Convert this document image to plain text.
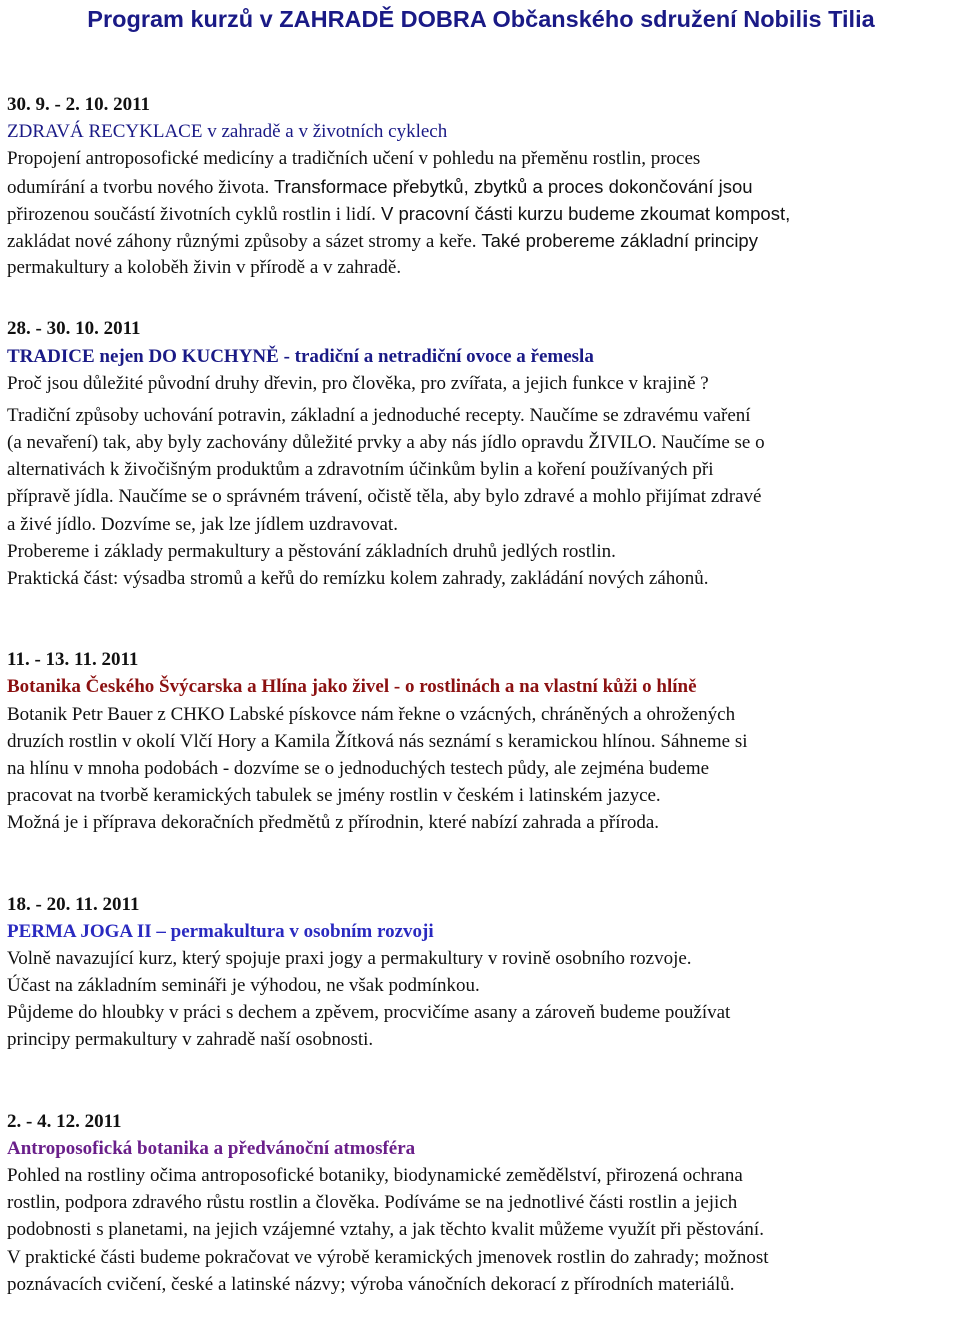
Program kurzů v ZAHRADĚ DOBRA Občanského sdružení Nobilis Tilia
30. 9. - 2. 10. 2011
ZDRAVÁ RECYKLACE v zahradě a v životních cyklech
Propojení antroposofické medicíny a tradičních učení v pohledu na přeměnu rostlin, proces
odumírání a tvorbu nového života. Transformace přebytků, zbytků a proces dokončování jsou
přirozenou součástí životních cyklů rostlin i lidí. V pracovní části kurzu budeme zkoumat kompost,
zakládat nové záhony různými způsoby a sázet stromy a keře. Také probereme základní principy
permakultury a koloběh živin v přírodě a v zahradě.
28. - 30. 10. 2011
TRADICE nejen DO KUCHYNĚ - tradiční a netradiční ovoce a řemesla
Proč jsou důležité původní druhy dřevin, pro člověka, pro zvířata, a jejich funkce v krajině ?
Tradiční způsoby uchování potravin, základní a jednoduché recepty. Naučíme se zdravému vaření
(a nevaření) tak, aby byly zachovány důležité prvky a aby nás jídlo opravdu ŽIVILO. Naučíme se o
alternativách k živočišným produktům a zdravotním účinkům bylin a koření používaných při
přípravě jídla. Naučíme se o správném trávení, očistě těla, aby bylo zdravé a mohlo přijímat zdravé
a živé jídlo. Dozvíme se, jak lze jídlem uzdravovat.
Probereme i základy permakultury a pěstování základních druhů jedlých rostlin.
Praktická část: výsadba stromů a keřů do remízku kolem zahrady, zakládání nových záhonů.
11. - 13. 11. 2011
Botanika Českého Švýcarska a Hlína jako živel - o rostlinách a na vlastní kůži o hlíně
Botanik Petr Bauer z CHKO Labské pískovce nám řekne o vzácných, chráněných a ohrožených
druzích rostlin v okolí Vlčí Hory a Kamila Žítková nás seznámí s keramickou hlínou. Sáhneme si
na hlínu v mnoha podobách - dozvíme se o jednoduchých testech půdy, ale zejména budeme
pracovat na tvorbě keramických tabulek se jmény rostlin v českém i latinském jazyce.
Možná je i příprava dekoračních předmětů z přírodnin, které nabízí zahrada a příroda.
18. - 20. 11. 2011
PERMA JOGA II – permakultura v osobním rozvoji
Volně navazující kurz, který spojuje praxi jogy a permakultury v rovině osobního rozvoje.
Účast na základním semináři je výhodou, ne však podmínkou.
Půjdeme do hloubky v práci s dechem a zpěvem, procvičíme asany a zároveň budeme používat
principy permakultury v zahradě naší osobnosti.
2. - 4. 12. 2011
Antroposofická botanika a předvánoční atmosféra
Pohled na rostliny očima antroposofické botaniky, biodynamické zemědělství, přirozená ochrana
rostlin, podpora zdravého růstu rostlin a člověka. Podíváme se na jednotlivé části rostlin a jejich
podobnosti s planetami, na jejich vzájemné vztahy, a jak těchto kvalit můžeme využít při pěstování.
V praktické části budeme pokračovat ve výrobě keramických jmenovek rostlin do zahrady; možnost
poznávacích cvičení, české a latinské názvy; výroba vánočních dekorací z přírodních materiálů.
